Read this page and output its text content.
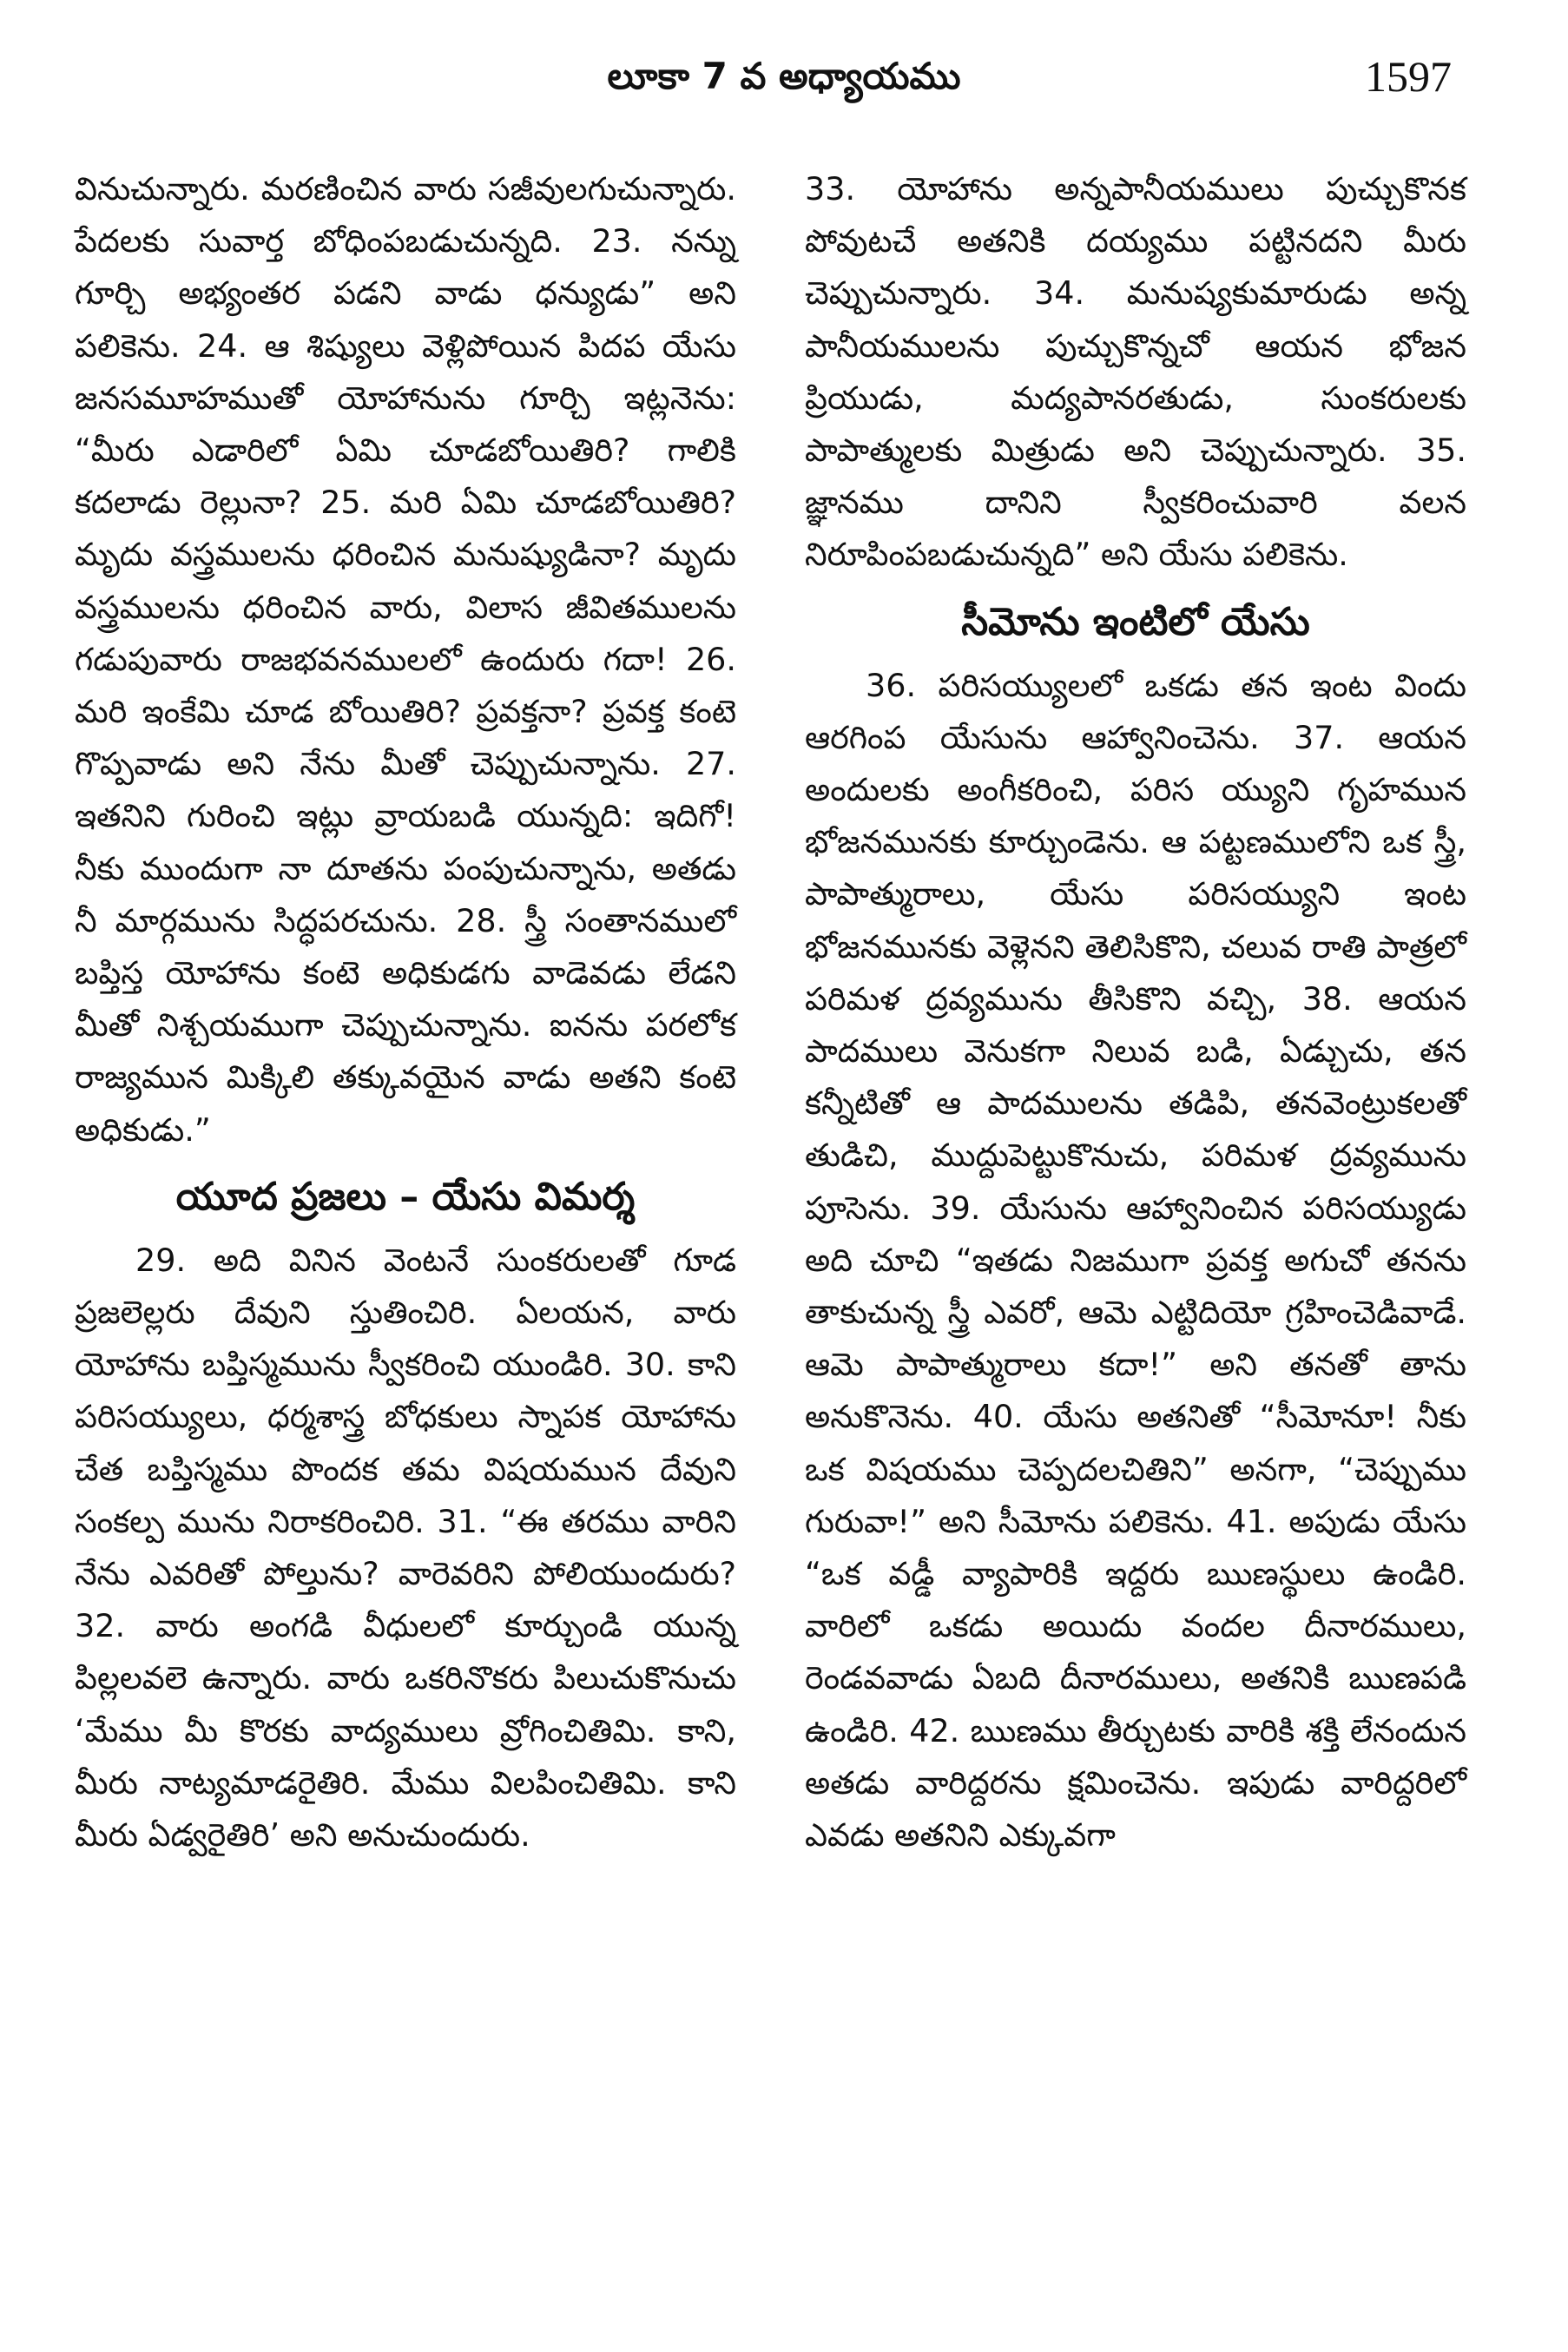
లూకా 7 వ అధ్యాయము	1597

వినుచున్నారు. మరణించిన వారు సజీవులగుచున్నారు. పేదలకు సువార్త బోధింపబడుచున్నది. 23. నన్ను గూర్చి అభ్యంతర పడని వాడు ధన్యుడు” అని పలికెను. 24. ఆ శిష్యులు వెళ్లిపోయిన పిదప యేసు జనసమూహముతో యోహానును గూర్చి ఇట్లనెను: “మీరు ఎడారిలో ఏమి చూడబోయితిరి? గాలికి కదలాడు రెల్లునా? 25. మరి ఏమి చూడబోయితిరి? మృదు వస్త్రములను ధరించిన మనుష్యుడినా? మృదు వస్త్రములను ధరించిన వారు, విలాస జీవితములను గడుపువారు రాజభవనములలో ఉందురు గదా! 26. మరి ఇంకేమి చూడ బోయితిరి? ప్రవక్తనా? ప్రవక్త కంటె గొప్పవాడు అని నేను మీతో చెప్పుచున్నాను. 27. ఇతనిని గురించి ఇట్లు వ్రాయబడి యున్నది: ఇదిగో! నీకు ముందుగా నా దూతను పంపుచున్నాను, అతడు నీ మార్గమును సిద్ధపరచును. 28. స్త్రీ సంతానములో బప్తిస్త యోహాను కంటె అధికుడగు వాడెవడు లేడని మీతో నిశ్చయముగా చెప్పుచున్నాను. ఐనను పరలోక రాజ్యమున మిక్కిలి తక్కువయైన వాడు అతని కంటె అధికుడు.”

యూద ప్రజలు – యేసు విమర్శ

29. అది వినిన వెంటనే సుంకరులతో గూడ ప్రజలెల్లరు దేవుని స్తుతించిరి. ఏలయన, వారు యోహాను బప్తిస్మమును స్వీకరించి యుండిరి. 30. కాని పరిసయ్యులు, ధర్మశాస్త్ర బోధకులు స్నాపక యోహాను చేత బప్తిస్మము పొందక తమ విషయమున దేవుని సంకల్ప మును నిరాకరించిరి. 31. “ఈ తరము వారిని నేను ఎవరితో పోల్తును? వారెవరిని పోలియుందురు? 32. వారు అంగడి వీధులలో కూర్చుండి యున్న పిల్లలవలె ఉన్నారు. వారు ఒకరినొకరు పిలుచుకొనుచు ‘మేము మీ కొరకు వాద్యములు వ్రోగించితిమి. కాని, మీరు నాట్యమాడరైతిరి. మేము విలపించితిమి. కాని మీరు ఏడ్వరైతిరి’ అని అనుచుందురు.

33. యోహాను అన్నపానీయములు పుచ్చుకొనక పోవుటచే అతనికి దయ్యము పట్టినదని మీరు చెప్పుచున్నారు. 34. మనుష్యకుమారుడు అన్న పానీయములను పుచ్చుకొన్నచో ఆయన భోజన ప్రియుడు, మద్యపానరతుడు, సుంకరులకు పాపాత్ములకు మిత్రుడు అని చెప్పుచున్నారు. 35. జ్ఞానము దానిని స్వీకరించువారి వలన నిరూపింపబడుచున్నది” అని యేసు పలికెను.

సీమోను ఇంటిలో యేసు

36. పరిసయ్యులలో ఒకడు తన ఇంట విందు ఆరగింప యేసును ఆహ్వానించెను. 37. ఆయన అందులకు అంగీకరించి, పరిస య్యుని గృహమున భోజనమునకు కూర్చుండెను. ఆ పట్టణములోని ఒక స్త్రీ, పాపాత్మురాలు, యేసు పరిసయ్యుని ఇంట భోజనమునకు వెళ్లెనని తెలిసికొని, చలువ రాతి పాత్రలో పరిమళ ద్రవ్యమును తీసికొని వచ్చి, 38. ఆయన పాదములు వెనుకగా నిలువ బడి, ఏడ్చుచు, తన కన్నీటితో ఆ పాదములను తడిపి, తనవెంట్రుకలతో తుడిచి, ముద్దుపెట్టుకొనుచు, పరిమళ ద్రవ్యమును పూసెను. 39. యేసును ఆహ్వానించిన పరిసయ్యుడు అది చూచి “ఇతడు నిజముగా ప్రవక్త అగుచో తనను తాకుచున్న స్త్రీ ఎవరో, ఆమె ఎట్టిదియో గ్రహించెడివాడే. ఆమె పాపాత్మురాలు కదా!” అని తనతో తాను అనుకొనెను. 40. యేసు అతనితో “సీమోనూ! నీకు ఒక విషయము చెప్పదలచితిని” అనగా, “చెప్పుము గురువా!” అని సీమోను పలికెను. 41. అపుడు యేసు “ఒక వడ్డీ వ్యాపారికి ఇద్దరు ఋణస్థులు ఉండిరి. వారిలో ఒకడు అయిదు వందల దీనారములు, రెండవవాడు ఏబది దీనారములు, అతనికి ఋణపడి ఉండిరి. 42. ఋణము తీర్చుటకు వారికి శక్తి లేనందున అతడు వారిద్దరను క్షమించెను. ఇపుడు వారిద్దరిలో ఎవడు అతనిని ఎక్కువగా
